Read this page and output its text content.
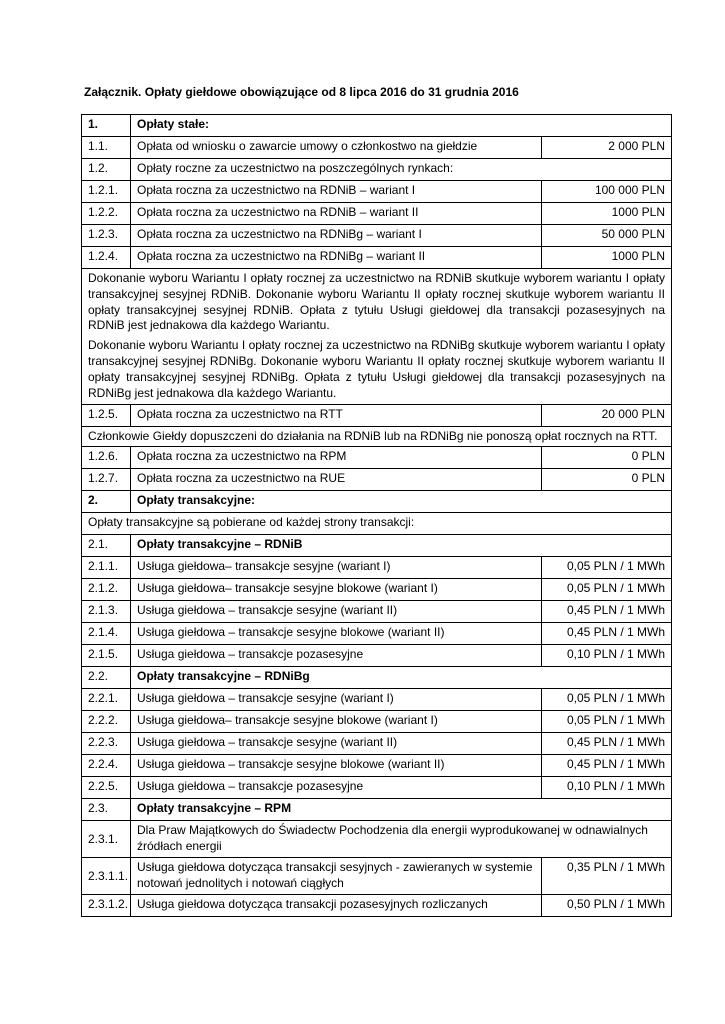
Załącznik. Opłaty giełdowe obowiązujące od 8 lipca 2016 do 31 grudnia 2016
1.	Opłaty stałe:	
1.1.	Opłata od wniosku o zawarcie umowy o członkostwo na giełdzie	2 000 PLN
1.2.	Opłaty roczne za uczestnictwo na poszczególnych rynkach:	
1.2.1.	Opłata roczna za uczestnictwo na RDNiB – wariant I	100 000 PLN
1.2.2.	Opłata roczna za uczestnictwo na RDNiB – wariant II	1000 PLN
1.2.3.	Opłata roczna za uczestnictwo na RDNiBg – wariant I	50 000 PLN
1.2.4.	Opłata roczna za uczestnictwo na RDNiBg – wariant II	1000 PLN

Dokonanie wyboru Wariantu I opłaty rocznej za uczestnictwo na RDNiB skutkuje wyborem wariantu I opłaty transakcyjnej sesyjnej RDNiB. Dokonanie wyboru Wariantu II opłaty rocznej skutkuje wyborem wariantu II opłaty transakcyjnej sesyjnej RDNiB. Opłata z tytułu Usługi giełdowej dla transakcji pozasesyjnych na RDNiB jest jednakowa dla każdego Wariantu.

Dokonanie wyboru Wariantu I opłaty rocznej za uczestnictwo na RDNiBg skutkuje wyborem wariantu I opłaty transakcyjnej sesyjnej RDNiBg. Dokonanie wyboru Wariantu II opłaty rocznej skutkuje wyborem wariantu II opłaty transakcyjnej sesyjnej RDNiBg. Opłata z tytułu Usługi giełdowej dla transakcji pozasesyjnych na RDNiBg jest jednakowa dla każdego Wariantu.		

1.2.5.	Opłata roczna za uczestnictwo na RTT	20 000 PLN

Członkowie Giełdy dopuszczeni do działania na RDNiB lub na RDNiBg nie ponoszą opłat rocznych na RTT.		

1.2.6.	Opłata roczna za uczestnictwo na RPM	0 PLN
1.2.7.	Opłata roczna za uczestnictwo na RUE	0 PLN
2.	Opłaty transakcyjne:	
Opłaty transakcyjne są pobierane od każdej strony transakcji:		
2.1.	Opłaty transakcyjne – RDNiB	
2.1.1.	Usługa giełdowa– transakcje sesyjne (wariant I)	0,05 PLN / 1 MWh
2.1.2.	Usługa giełdowa– transakcje sesyjne blokowe (wariant I)	0,05 PLN / 1 MWh
2.1.3.	Usługa giełdowa – transakcje sesyjne (wariant II)	0,45 PLN / 1 MWh
2.1.4.	Usługa giełdowa – transakcje sesyjne blokowe (wariant II)	0,45 PLN / 1 MWh
2.1.5.	Usługa giełdowa – transakcje pozasesyjne	0,10 PLN / 1 MWh
2.2.	Opłaty transakcyjne – RDNiBg	
2.2.1.	Usługa giełdowa – transakcje sesyjne (wariant I)	0,05 PLN / 1 MWh
2.2.2.	Usługa giełdowa– transakcje sesyjne blokowe (wariant I)	0,05 PLN / 1 MWh
2.2.3.	Usługa giełdowa – transakcje sesyjne (wariant II)	0,45 PLN / 1 MWh
2.2.4.	Usługa giełdowa – transakcje sesyjne blokowe (wariant II)	0,45 PLN / 1 MWh
2.2.5.	Usługa giełdowa – transakcje pozasesyjne	0,10 PLN / 1 MWh
2.3.	Opłaty transakcyjne – RPM	
2.3.1.	Dla Praw Majątkowych do Świadectw Pochodzenia dla energii wyprodukowanej w odnawialnych źródłach energii	
2.3.1.1.	Usługa giełdowa dotycząca transakcji sesyjnych - zawieranych w systemie notowań jednolitych i notowań ciągłych	0,35 PLN / 1 MWh
2.3.1.2.	Usługa giełdowa dotycząca transakcji pozasesyjnych rozliczanych	0,50 PLN / 1 MWh
